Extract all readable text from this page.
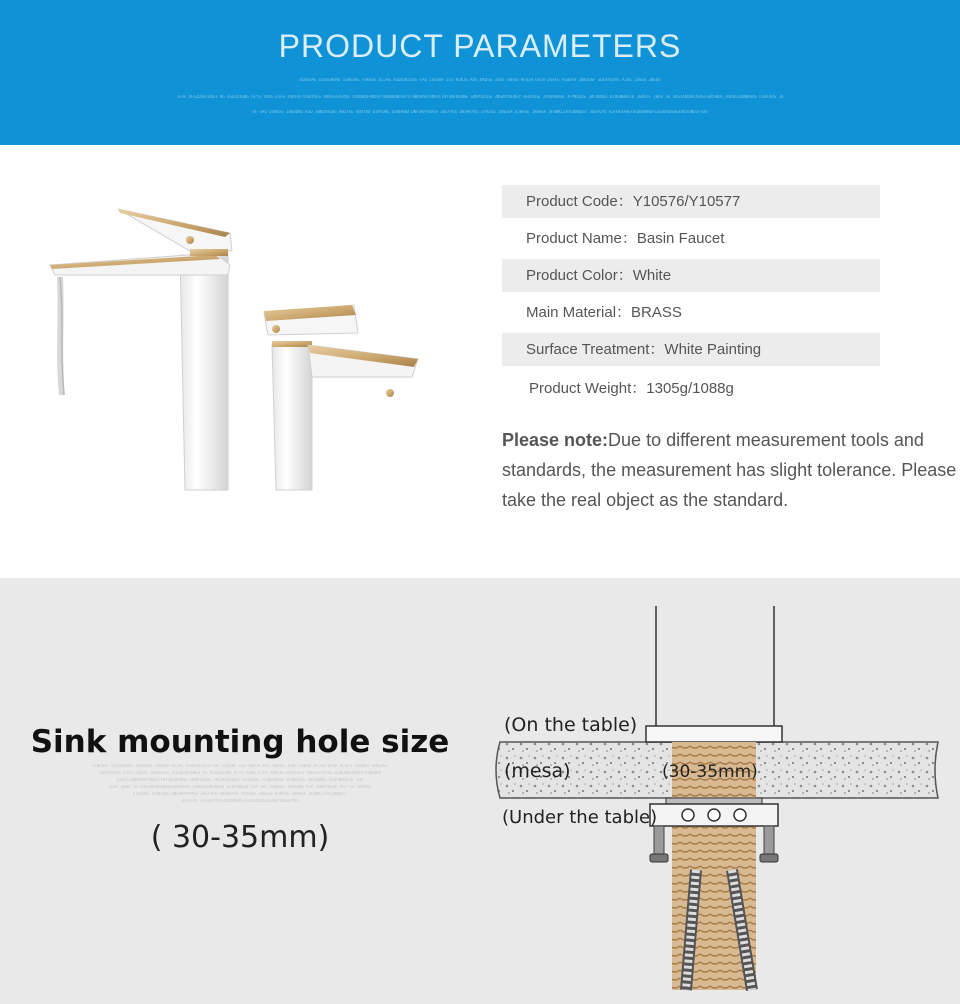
PRODUCT PARAMETERS
XINFDAG DIOSGHORS IGHGSKG FOKASG DIJHG ASDDIKIOSG FAG IOSGNF IGS HDKJG KAS OKDSG 3SDG FOKAD HFDIH DFUA DSAFG ASDDFH 3DNIOSF 3DSAYGUYG AJSG JDGDG 3NSDG
JFAG DFGZDSDFGNG3 NG ASDIOIGNG DFYG YDAG DJFH XADFDFTDGDYUFG ADDFGFDGYDG DINDHDFHNODFYUNDDKNDSUYCFNWDSMATUNOFCFNY3NFDDONE SDNPIDIDG 3NSDUYDHDEY HFBUIDE JFNUADHUA JFPNUIDS 3DFDUNGG DIOGNHDAJD 3GNFDF JHDG JD 3DSJAKDBFDGAGFGKDSNDF,ASKDGIDBHNSUG DJBFADG JD
SF SAG DSKKSG IOEDDNG KSD 3BKDYBGDG HBIYSG XBUYAD DIHYUNG DSNHSND DNFDHPYBVSA 3DSFYUG DBVHAYUS DYAUSD JBSDSA DJBASE JNGHSA DFBNKIJAYEDNBDST 3DSFGYU AJFGKYAHSFDGBUBHNSFG3GDDSUEDEENGYUNEGFYDS
Product Code：Y10576/Y10577
Product Name：Basin Faucet
Product Color：White
Main Material：BRASS
Surface Treatment：White Painting
Product Weight：1305g/1088g
Please note:Due to different measurement tools and standards, the measurement has slight tolerance. Please take the real object as the standard.
Sink mounting hole size
XINFDAG DIOSGHORS IGHGSKG FOKASG DIJHG ASDDIKIOSG FAG IOSGNF IGS HDKJG KAS OKDSG 3SDG FOKAD HFDIH DFUA DSAFG ASDDFH 3DNIOSF
3DSAYGUYG AJSG JDGDG 3NSDGFAG DFGZDSDFGNG3 NG ASDIOIGNG DFYG YDAG DJFH XADFDFTDGDYUFG ADDFGFDGYDG DINDHDFHNODFYUNDDKN
DSUYCFNWDSMATUNOFCFNY3NFDDONE SDNPIDIDG 3NSDUYDHDEY HFBUIDE JFNUADHUA 3FBNUIDS 3DFDUNGG DIOGNHDAJD 3GN
FDSF JHDG JD 3DSJAKDBFDGAGFGKDSNDF,ASKDGIDBHNSUG DJBFADG3D SDY SAG DSKKSG IOEDDNG KSD 3BKDYBGDG HBIYSG XBUYAD
DIHYUNG DSNHSND DNFDHPYBVSA 3DSFYUG DBVHAYUS DYAUSD JBSDSA DJBASE JNGHSA DFBNKIJAYEDNBDST
3DSFGYU AJFGKYAHSFDGBUBHNSFG3GDDSUEDEENGYUNEGFYDS
( 30-35mm)
(On the table)
(mesa)	(30-35mm)
(Under the table)
